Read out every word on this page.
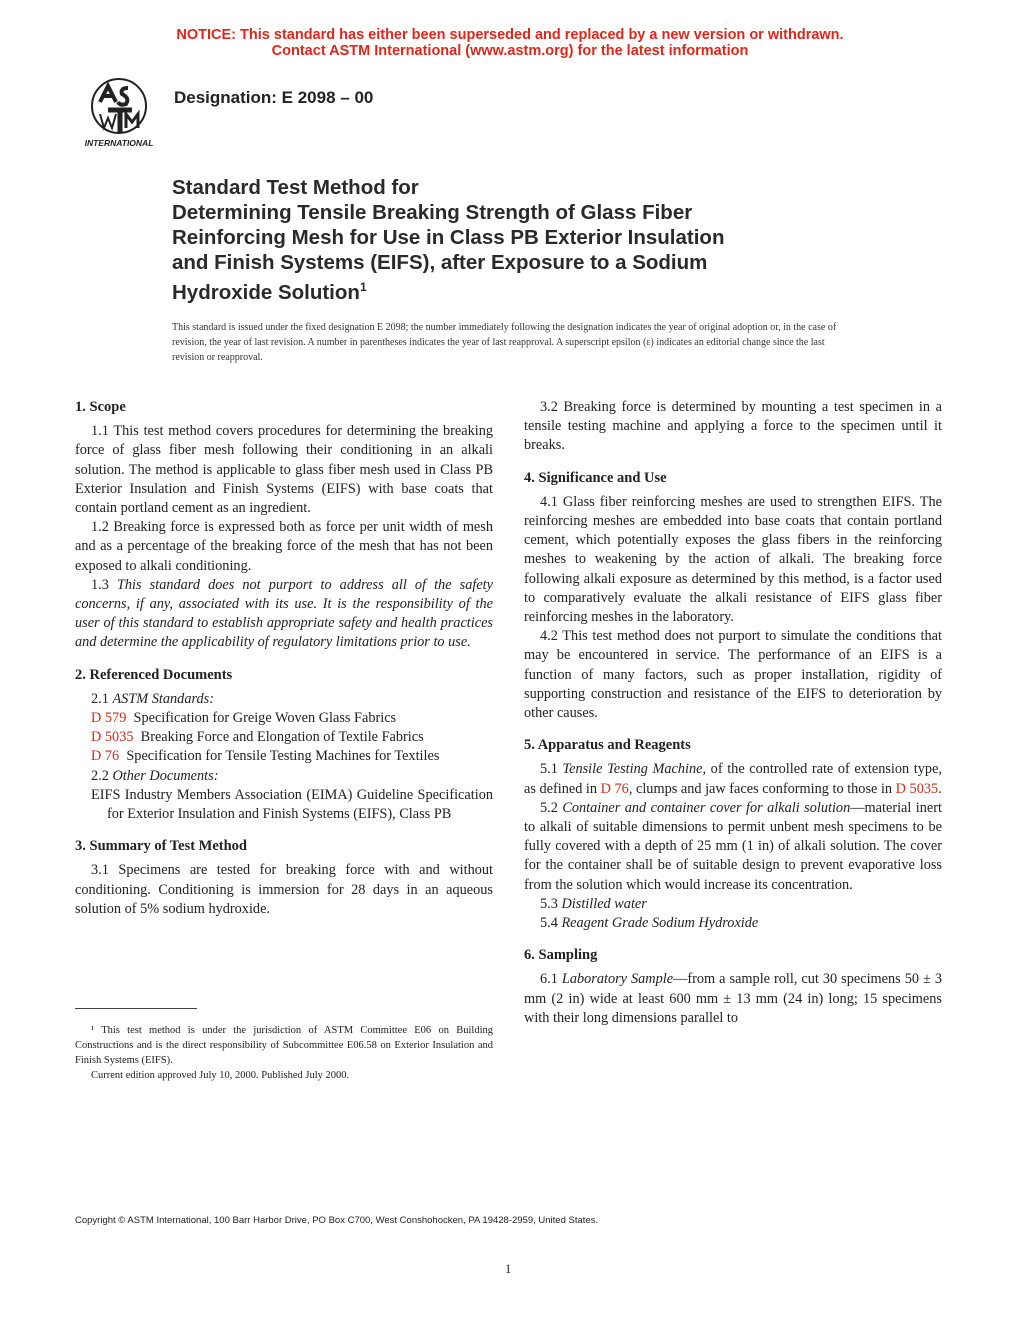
NOTICE: This standard has either been superseded and replaced by a new version or withdrawn.
Contact ASTM International (www.astm.org) for the latest information
INTERNATIONAL
Designation: E 2098 – 00
Standard Test Method for
Determining Tensile Breaking Strength of Glass Fiber
Reinforcing Mesh for Use in Class PB Exterior Insulation
and Finish Systems (EIFS), after Exposure to a Sodium
Hydroxide Solution$^1$
This standard is issued under the fixed designation E 2098; the number immediately following the designation indicates the year of original adoption or, in the case of revision, the year of last revision. A number in parentheses indicates the year of last reapproval. A superscript epsilon (ε) indicates an editorial change since the last revision or reapproval.
1. Scope

1.1 This test method covers procedures for determining the breaking force of glass fiber mesh following their conditioning in an alkali solution. The method is applicable to glass fiber mesh used in Class PB Exterior Insulation and Finish Systems (EIFS) with base coats that contain portland cement as an ingredient.

1.2 Breaking force is expressed both as force per unit width of mesh and as a percentage of the breaking force of the mesh that has not been exposed to alkali conditioning.

1.3 This standard does not purport to address all of the safety concerns, if any, associated with its use. It is the responsibility of the user of this standard to establish appropriate safety and health practices and determine the applicability of regulatory limitations prior to use.

2. Referenced Documents

2.1 ASTM Standards:

D 579 Specification for Greige Woven Glass Fabrics

D 5035 Breaking Force and Elongation of Textile Fabrics

D 76 Specification for Tensile Testing Machines for Textiles

2.2 Other Documents:

EIFS Industry Members Association (EIMA) Guideline Specification for Exterior Insulation and Finish Systems (EIFS), Class PB

3. Summary of Test Method

3.1 Specimens are tested for breaking force with and without conditioning. Conditioning is immersion for 28 days in an aqueous solution of 5% sodium hydroxide.

3.2 Breaking force is determined by mounting a test specimen in a tensile testing machine and applying a force to the specimen until it breaks.

4. Significance and Use

4.1 Glass fiber reinforcing meshes are used to strengthen EIFS. The reinforcing meshes are embedded into base coats that contain portland cement, which potentially exposes the glass fibers in the reinforcing meshes to weakening by the action of alkali. The breaking force following alkali exposure as determined by this method, is a factor used to comparatively evaluate the alkali resistance of EIFS glass fiber reinforcing meshes in the laboratory.

4.2 This test method does not purport to simulate the conditions that may be encountered in service. The performance of an EIFS is a function of many factors, such as proper installation, rigidity of supporting construction and resistance of the EIFS to deterioration by other causes.

5. Apparatus and Reagents

5.1 Tensile Testing Machine, of the controlled rate of extension type, as defined in D 76, clumps and jaw faces conforming to those in D 5035.

5.2 Container and container cover for alkali solution—material inert to alkali of suitable dimensions to permit unbent mesh specimens to be fully covered with a depth of 25 mm (1 in) of alkali solution. The cover for the container shall be of suitable design to prevent evaporative loss from the solution which would increase its concentration.

5.3 Distilled water

5.4 Reagent Grade Sodium Hydroxide

6. Sampling

6.1 Laboratory Sample—from a sample roll, cut 30 specimens 50 ± 3 mm (2 in) wide at least 600 mm ± 13 mm (24 in) long; 15 specimens with their long dimensions parallel to

¹ This test method is under the jurisdiction of ASTM Committee E06 on Building Constructions and is the direct responsibility of Subcommittee E06.58 on Exterior Insulation and Finish Systems (EIFS).

Current edition approved July 10, 2000. Published July 2000.

Copyright © ASTM International, 100 Barr Harbor Drive, PO Box C700, West Conshohocken, PA 19428-2959, United States.
1
